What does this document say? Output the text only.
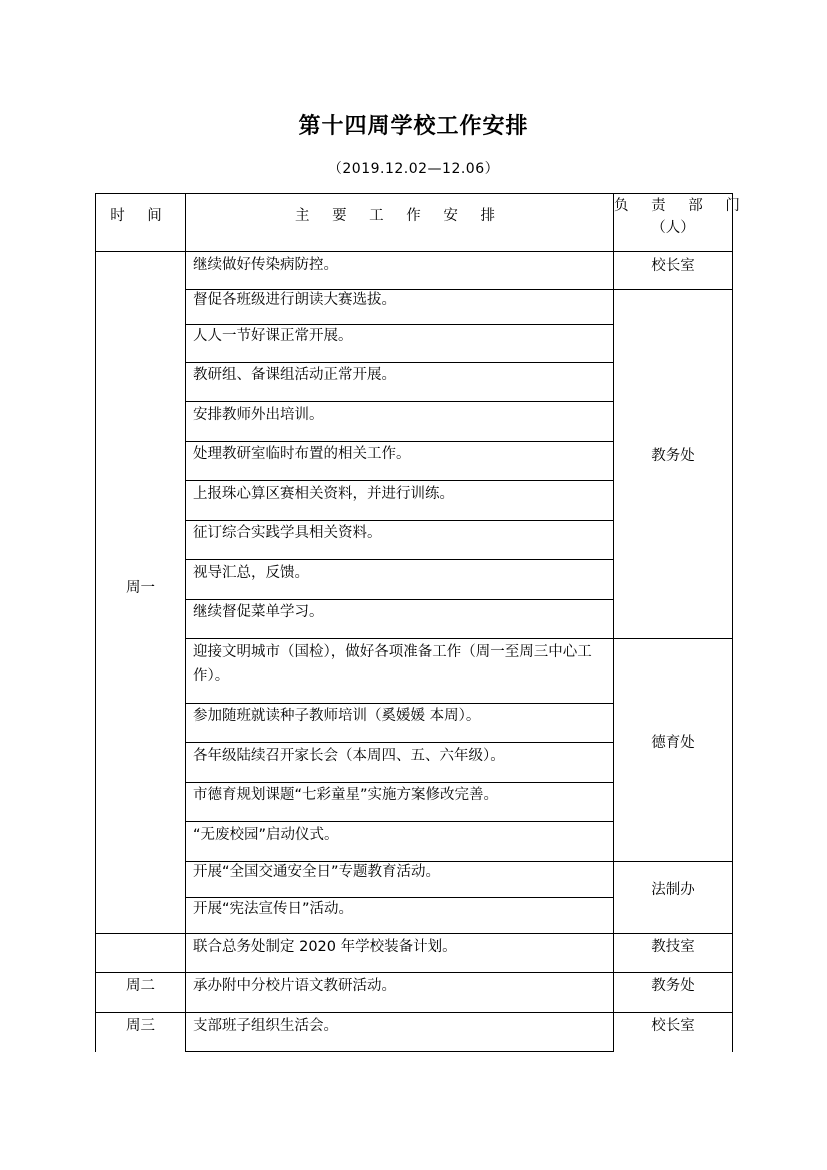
第十四周学校工作安排
（2019.12.02—12.06）
时 间	主 要 工 作 安 排
负 责 部 门
（人）
周一
周二
周三
继续做好传染病防控。
督促各班级进行朗读大赛选拔。
人人一节好课正常开展。
教研组、备课组活动正常开展。
安排教师外出培训。
处理教研室临时布置的相关工作。
上报珠心算区赛相关资料，并进行训练。
征订综合实践学具相关资料。
视导汇总，反馈。
继续督促菜单学习。
迎接文明城市（国检），做好各项准备工作（周一至周三中心工作）。
参加随班就读种子教师培训（奚媛媛 本周）。
各年级陆续召开家长会（本周四、五、六年级）。
市德育规划课题“七彩童星”实施方案修改完善。
“无废校园”启动仪式。
开展“全国交通安全日”专题教育活动。
开展“宪法宣传日”活动。
联合总务处制定 2020 年学校装备计划。
承办附中分校片语文教研活动。
支部班子组织生活会。
校长室
教务处
德育处
法制办
教技室
教务处
校长室
